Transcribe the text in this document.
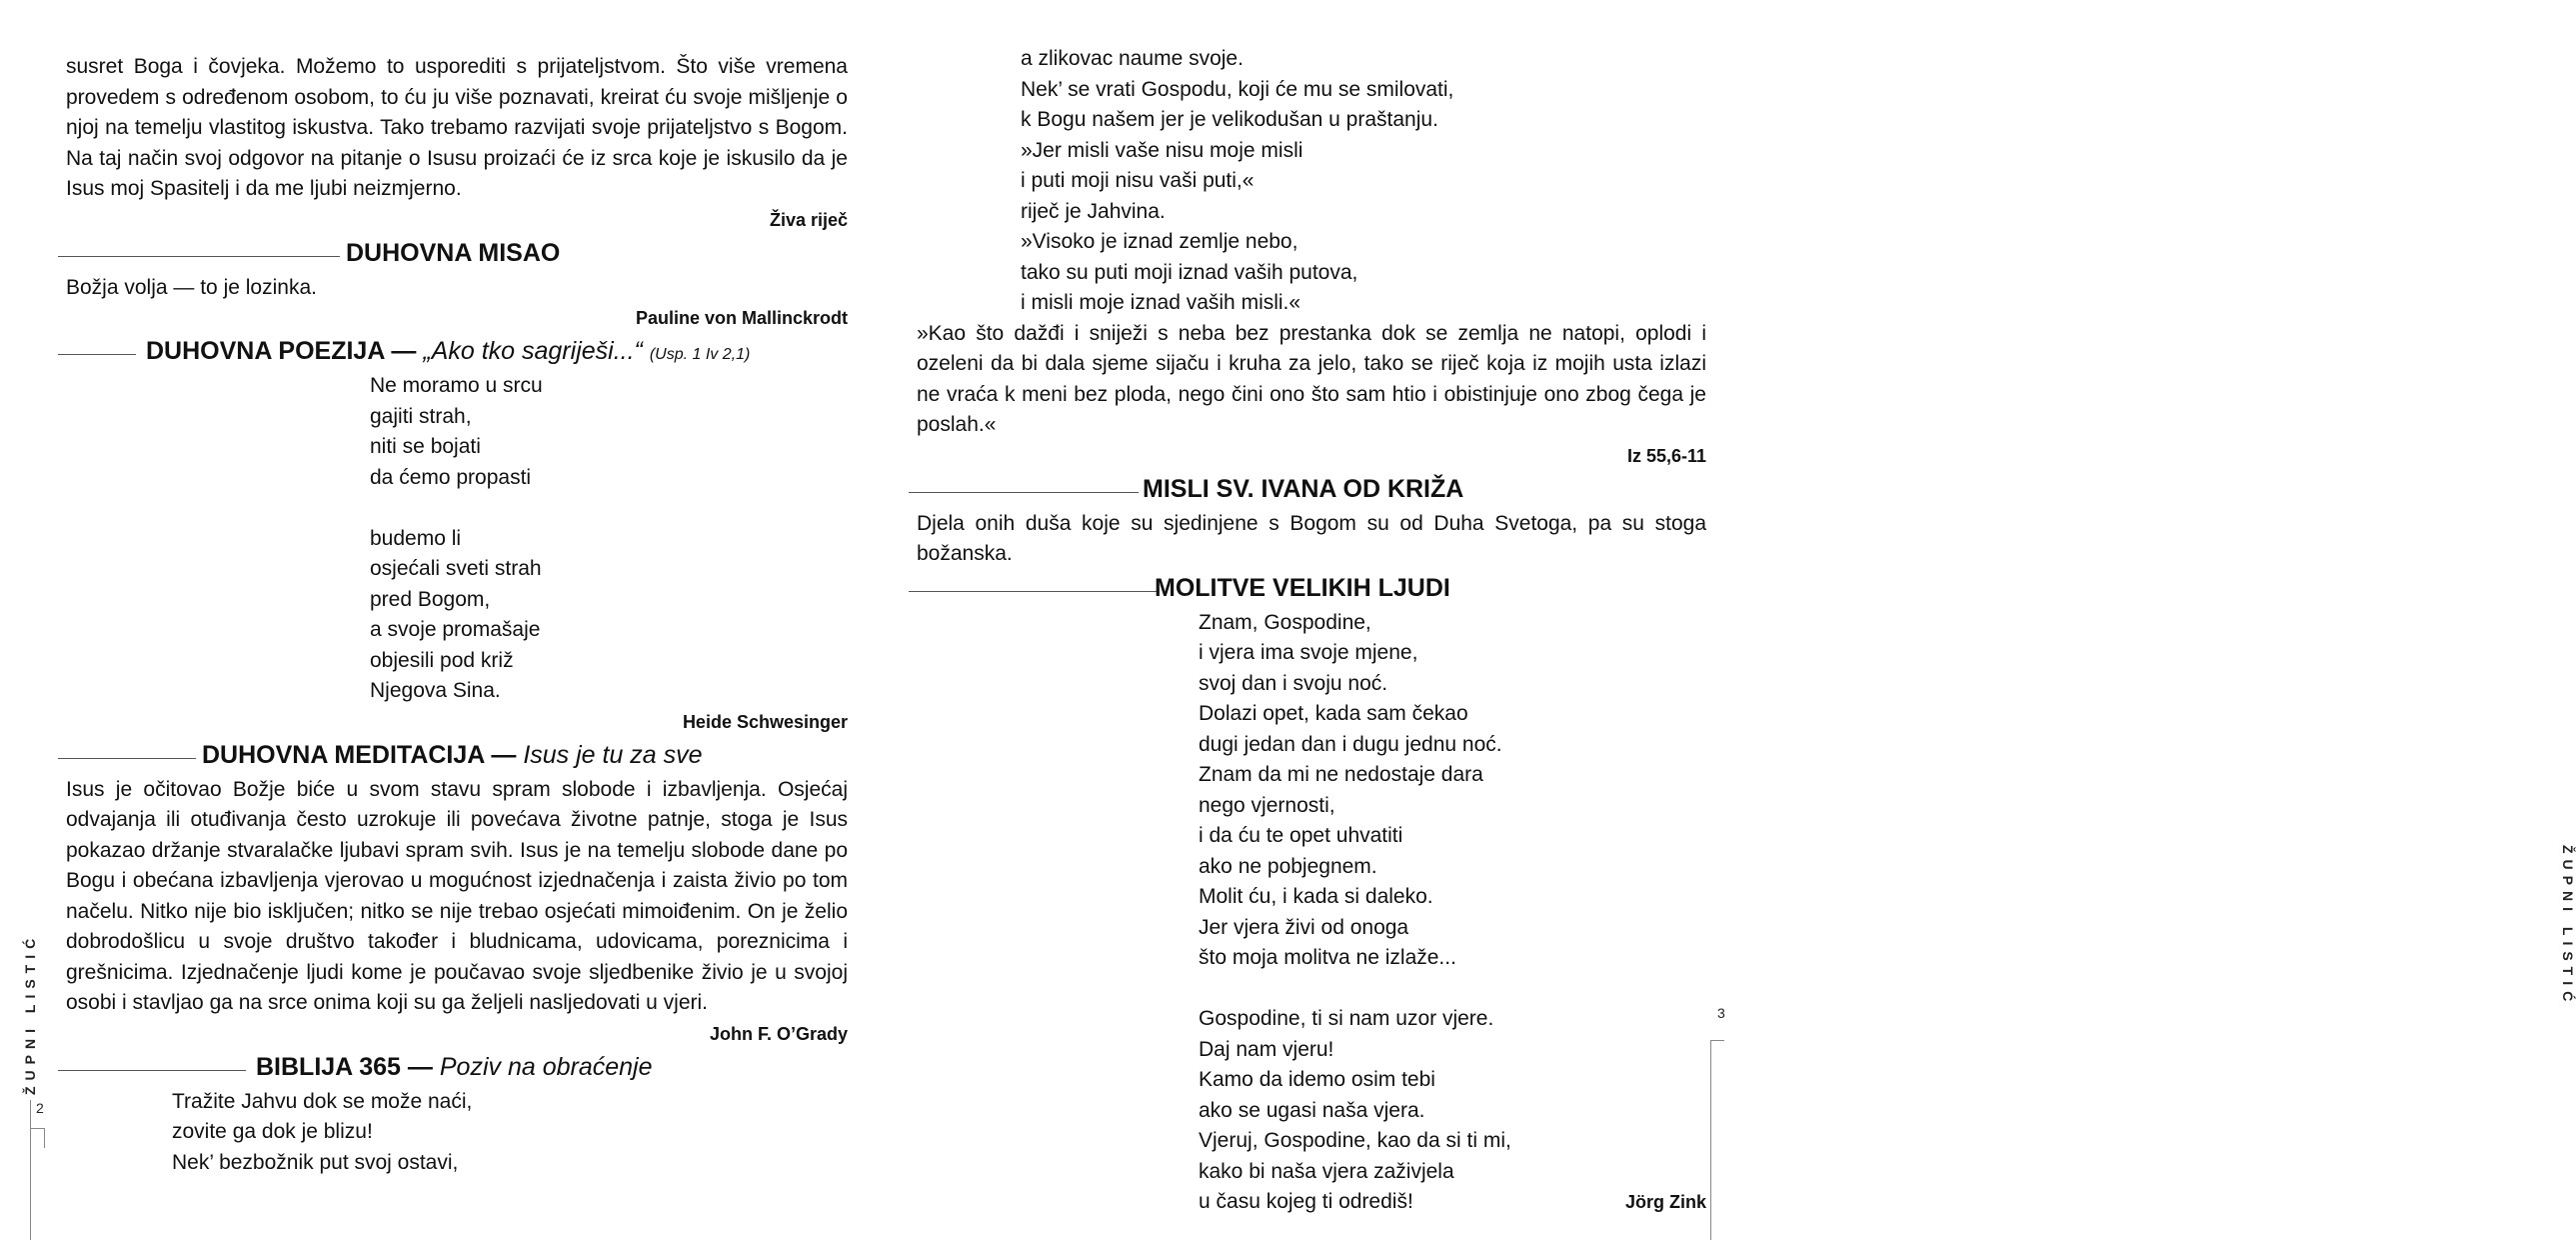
susret Boga i čovjeka. Možemo to usporediti s prijateljstvom. Što više vremena provedem s određenom osobom, to ću ju više poznavati, kreirat ću svoje mišljenje o njoj na temelju vlastitog iskustva. Tako trebamo razvijati svoje prijateljstvo s Bogom. Na taj način svoj odgovor na pitanje o Isusu proizaći će iz srca koje je iskusilo da je Isus moj Spasitelj i da me ljubi neizmjerno.

Živa riječ
DUHOVNA MISAO

Božja volja — to je lozinka.

Pauline von Mallinckrodt
DUHOVNA POEZIJA — „Ako tko sagriješi...“ (Usp. 1 Iv 2,1)
Ne moramo u srcu
gajiti strah,
niti se bojati
da ćemo propasti
budemo li
osjećali sveti strah
pred Bogom,
a svoje promašaje
objesili pod križ
Njegova Sina.
Heide Schwesinger
DUHOVNA MEDITACIJA — Isus je tu za sve

Isus je očitovao Božje biće u svom stavu spram slobode i izbavljenja. Osjećaj odvajanja ili otuđivanja često uzrokuje ili povećava životne patnje, stoga je Isus pokazao držanje stvaralačke ljubavi spram svih. Isus je na temelju slobode dane po Bogu i obećana izbavljenja vjerovao u mogućnost izjednačenja i zaista živio po tom načelu. Nitko nije bio isključen; nitko se nije trebao osjećati mimoiđenim. On je želio dobrodošlicu u svoje društvo također i bludnicama, udovicama, poreznicima i grešnicima. Izjednačenje ljudi kome je poučavao svoje sljedbenike živio je u svojoj osobi i stavljao ga na srce onima koji su ga željeli nasljedovati u vjeri.

John F. O’Grady
BIBLIJA 365 — Poziv na obraćenje
Tražite Jahvu dok se može naći,
zovite ga dok je blizu!
Nek’ bezbožnik put svoj ostavi,
ŽUPNI LISTIĆ
2
a zlikovac naume svoje.
Nek’ se vrati Gospodu, koji će mu se smilovati,
k Bogu našem jer je velikodušan u praštanju.
»Jer misli vaše nisu moje misli
i puti moji nisu vaši puti,«
riječ je Jahvina.
»Visoko je iznad zemlje nebo,
tako su puti moji iznad vaših putova,
i misli moje iznad vaših misli.«

»Kao što dažđi i sniježi s neba bez prestanka dok se zemlja ne natopi, oplodi i ozeleni da bi dala sjeme sijaču i kruha za jelo, tako se riječ koja iz mojih usta izlazi ne vraća k meni bez ploda, nego čini ono što sam htio i obistinjuje ono zbog čega je poslah.«

Iz 55,6-11
MISLI SV. IVANA OD KRIŽA

Djela onih duša koje su sjedinjene s Bogom su od Duha Svetoga, pa su stoga božanska.

MOLITVE VELIKIH LJUDI
Znam, Gospodine,
i vjera ima svoje mjene,
svoj dan i svoju noć.
Dolazi opet, kada sam čekao
dugi jedan dan i dugu jednu noć.
Znam da mi ne nedostaje dara
nego vjernosti,
i da ću te opet uhvatiti
ako ne pobjegnem.
Molit ću, i kada si daleko.
Jer vjera živi od onoga
što moja molitva ne izlaže...
Gospodine, ti si nam uzor vjere.
Daj nam vjeru!
Kamo da idemo osim tebi
ako se ugasi naša vjera.
Vjeruj, Gospodine, kao da si ti mi,
kako bi naša vjera zaživjela
u času kojeg ti odrediš!	Jörg Zink
ŽUPNI LISTIĆ
3
